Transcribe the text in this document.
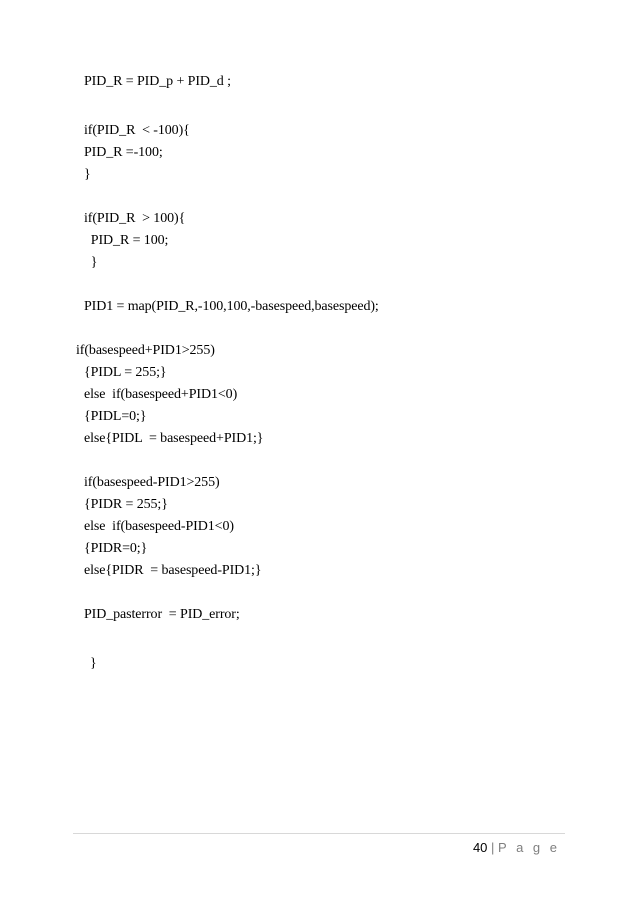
PID_R = PID_p + PID_d ;
if(PID_R  < -100){
PID_R =-100;
}
if(PID_R  > 100){
PID_R = 100;
}
PID1 = map(PID_R,-100,100,-basespeed,basespeed);
if(basespeed+PID1>255)
{PIDL = 255;}
else  if(basespeed+PID1<0)
{PIDL=0;}
else{PIDL  = basespeed+PID1;}
if(basespeed-PID1>255)
{PIDR = 255;}
else  if(basespeed-PID1<0)
{PIDR=0;}
else{PIDR  = basespeed-PID1;}
PID_pasterror  = PID_error;
}
40 | P a g e
